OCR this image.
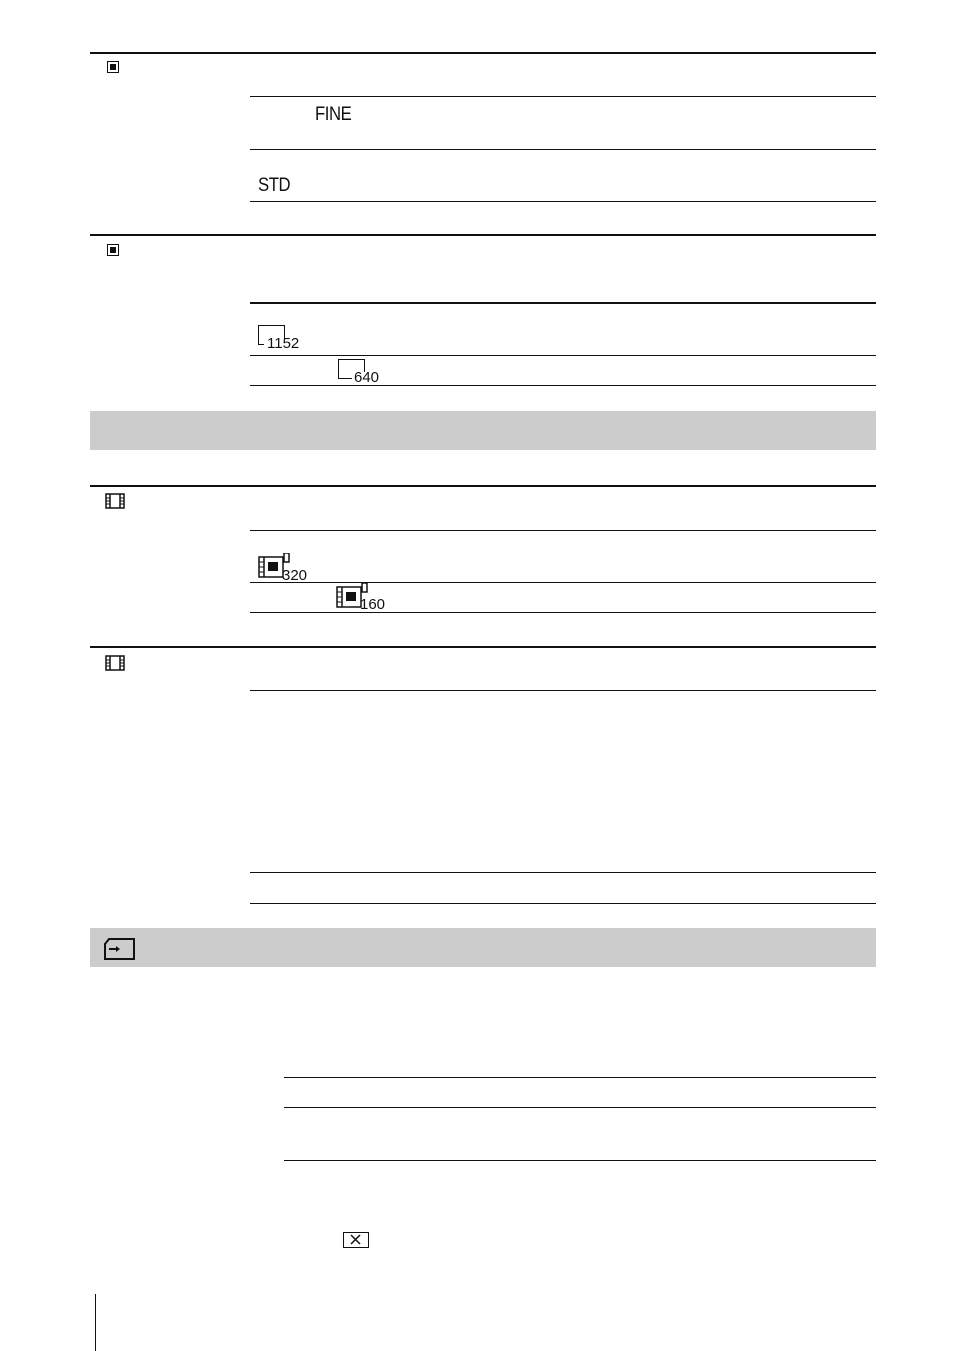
FINE
STD
1152
640
320
160
